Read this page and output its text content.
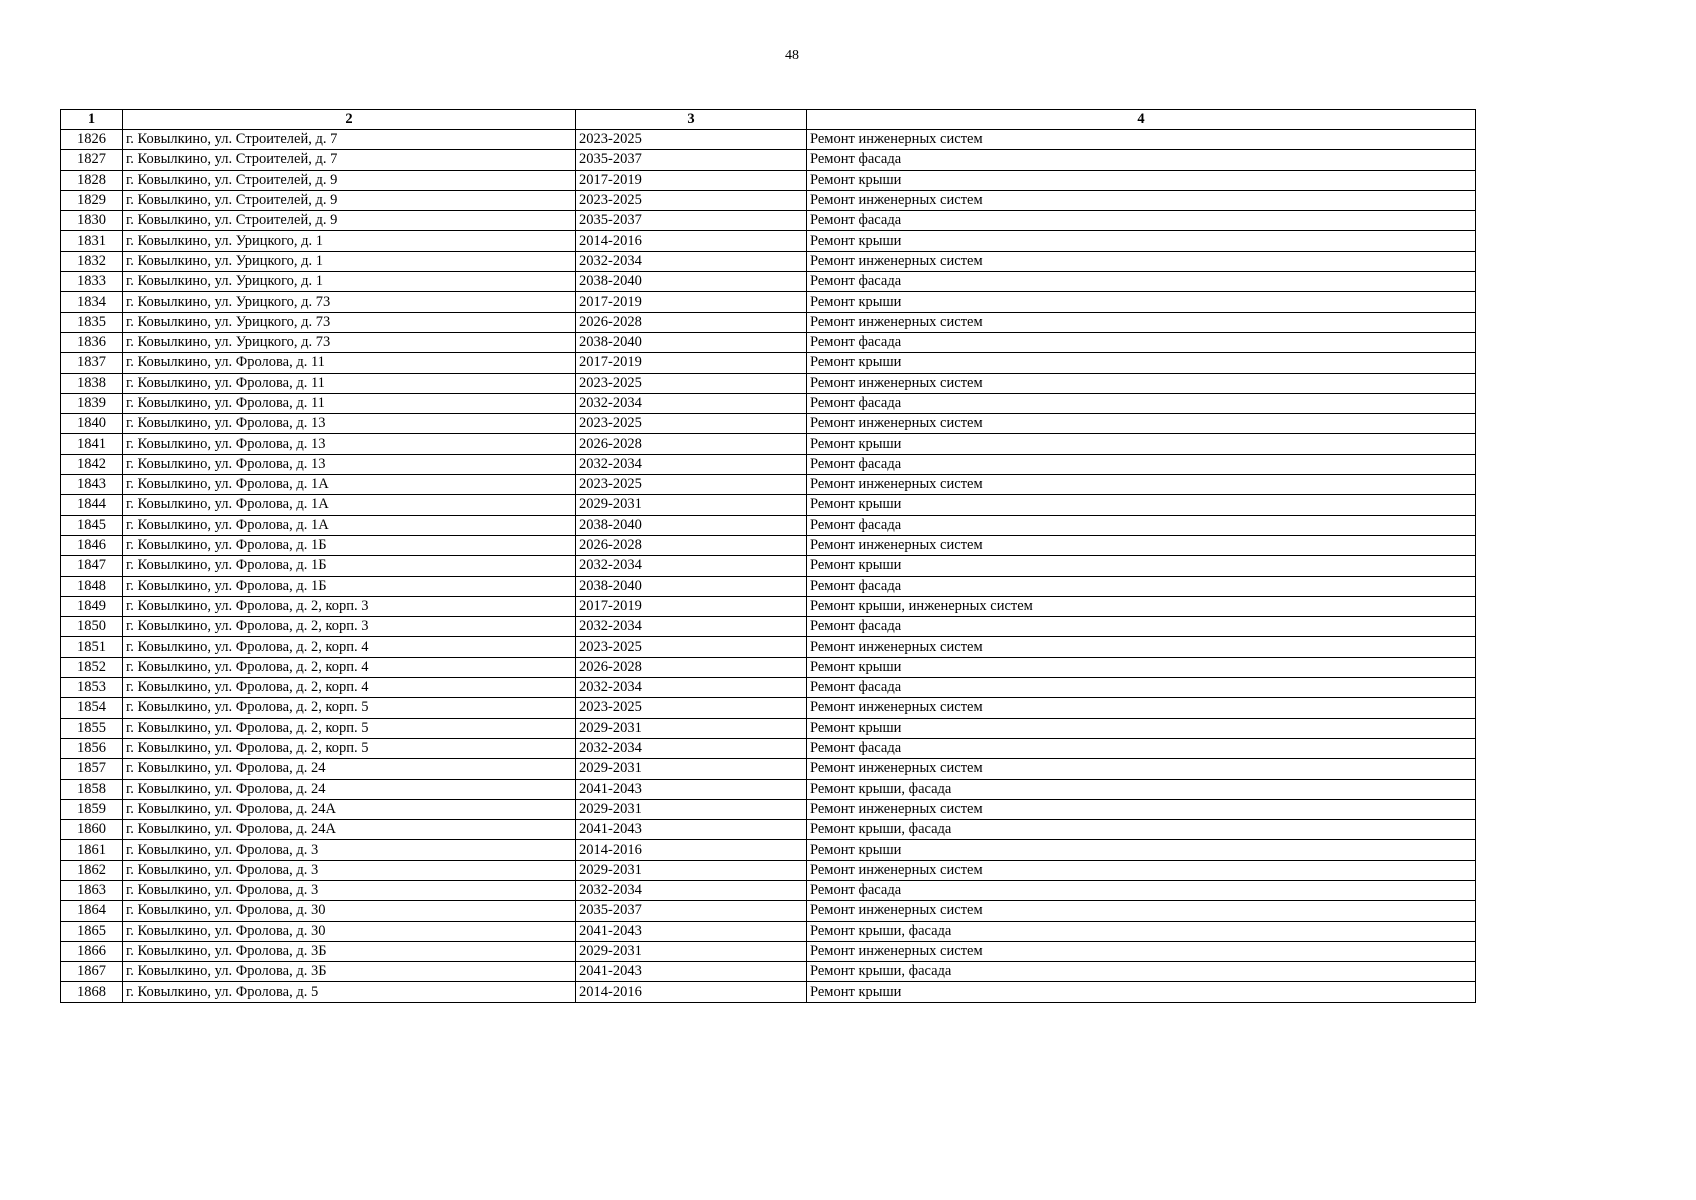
48
1	2	3	4
1826	г. Ковылкино, ул. Строителей, д. 7	2023-2025	Ремонт инженерных систем
1827	г. Ковылкино, ул. Строителей, д. 7	2035-2037	Ремонт фасада
1828	г. Ковылкино, ул. Строителей, д. 9	2017-2019	Ремонт крыши
1829	г. Ковылкино, ул. Строителей, д. 9	2023-2025	Ремонт инженерных систем
1830	г. Ковылкино, ул. Строителей, д. 9	2035-2037	Ремонт фасада
1831	г. Ковылкино, ул. Урицкого, д. 1	2014-2016	Ремонт крыши
1832	г. Ковылкино, ул. Урицкого, д. 1	2032-2034	Ремонт инженерных систем
1833	г. Ковылкино, ул. Урицкого, д. 1	2038-2040	Ремонт фасада
1834	г. Ковылкино, ул. Урицкого, д. 73	2017-2019	Ремонт крыши
1835	г. Ковылкино, ул. Урицкого, д. 73	2026-2028	Ремонт инженерных систем
1836	г. Ковылкино, ул. Урицкого, д. 73	2038-2040	Ремонт фасада
1837	г. Ковылкино, ул. Фролова, д. 11	2017-2019	Ремонт крыши
1838	г. Ковылкино, ул. Фролова, д. 11	2023-2025	Ремонт инженерных систем
1839	г. Ковылкино, ул. Фролова, д. 11	2032-2034	Ремонт фасада
1840	г. Ковылкино, ул. Фролова, д. 13	2023-2025	Ремонт инженерных систем
1841	г. Ковылкино, ул. Фролова, д. 13	2026-2028	Ремонт крыши
1842	г. Ковылкино, ул. Фролова, д. 13	2032-2034	Ремонт фасада
1843	г. Ковылкино, ул. Фролова, д. 1А	2023-2025	Ремонт инженерных систем
1844	г. Ковылкино, ул. Фролова, д. 1А	2029-2031	Ремонт крыши
1845	г. Ковылкино, ул. Фролова, д. 1А	2038-2040	Ремонт фасада
1846	г. Ковылкино, ул. Фролова, д. 1Б	2026-2028	Ремонт инженерных систем
1847	г. Ковылкино, ул. Фролова, д. 1Б	2032-2034	Ремонт крыши
1848	г. Ковылкино, ул. Фролова, д. 1Б	2038-2040	Ремонт фасада
1849	г. Ковылкино, ул. Фролова, д. 2, корп. 3	2017-2019	Ремонт крыши, инженерных систем
1850	г. Ковылкино, ул. Фролова, д. 2, корп. 3	2032-2034	Ремонт фасада
1851	г. Ковылкино, ул. Фролова, д. 2, корп. 4	2023-2025	Ремонт инженерных систем
1852	г. Ковылкино, ул. Фролова, д. 2, корп. 4	2026-2028	Ремонт крыши
1853	г. Ковылкино, ул. Фролова, д. 2, корп. 4	2032-2034	Ремонт фасада
1854	г. Ковылкино, ул. Фролова, д. 2, корп. 5	2023-2025	Ремонт инженерных систем
1855	г. Ковылкино, ул. Фролова, д. 2, корп. 5	2029-2031	Ремонт крыши
1856	г. Ковылкино, ул. Фролова, д. 2, корп. 5	2032-2034	Ремонт фасада
1857	г. Ковылкино, ул. Фролова, д. 24	2029-2031	Ремонт инженерных систем
1858	г. Ковылкино, ул. Фролова, д. 24	2041-2043	Ремонт крыши, фасада
1859	г. Ковылкино, ул. Фролова, д. 24А	2029-2031	Ремонт инженерных систем
1860	г. Ковылкино, ул. Фролова, д. 24А	2041-2043	Ремонт крыши, фасада
1861	г. Ковылкино, ул. Фролова, д. 3	2014-2016	Ремонт крыши
1862	г. Ковылкино, ул. Фролова, д. 3	2029-2031	Ремонт инженерных систем
1863	г. Ковылкино, ул. Фролова, д. 3	2032-2034	Ремонт фасада
1864	г. Ковылкино, ул. Фролова, д. 30	2035-2037	Ремонт инженерных систем
1865	г. Ковылкино, ул. Фролова, д. 30	2041-2043	Ремонт крыши, фасада
1866	г. Ковылкино, ул. Фролова, д. 3Б	2029-2031	Ремонт инженерных систем
1867	г. Ковылкино, ул. Фролова, д. 3Б	2041-2043	Ремонт крыши, фасада
1868	г. Ковылкино, ул. Фролова, д. 5	2014-2016	Ремонт крыши
